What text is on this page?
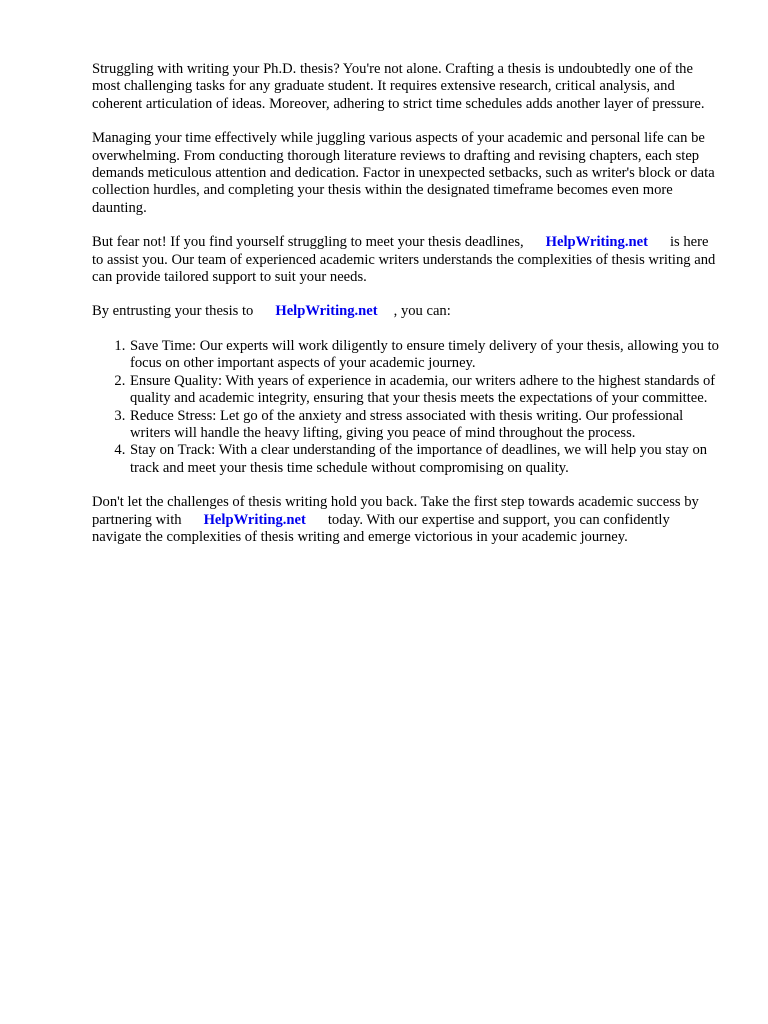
Struggling with writing your Ph.D. thesis? You're not alone. Crafting a thesis is undoubtedly one of the most challenging tasks for any graduate student. It requires extensive research, critical analysis, and coherent articulation of ideas. Moreover, adhering to strict time schedules adds another layer of pressure.

Managing your time effectively while juggling various aspects of your academic and personal life can be overwhelming. From conducting thorough literature reviews to drafting and revising chapters, each step demands meticulous attention and dedication. Factor in unexpected setbacks, such as writer's block or data collection hurdles, and completing your thesis within the designated timeframe becomes even more daunting.

But fear not! If you find yourself struggling to meet your thesis deadlines, HelpWriting.net is here to assist you. Our team of experienced academic writers understands the complexities of thesis writing and can provide tailored support to suit your needs.

By entrusting your thesis to HelpWriting.net , you can:

1. Save Time: Our experts will work diligently to ensure timely delivery of your thesis, allowing you to focus on other important aspects of your academic journey.
2. Ensure Quality: With years of experience in academia, our writers adhere to the highest standards of quality and academic integrity, ensuring that your thesis meets the expectations of your committee.
3. Reduce Stress: Let go of the anxiety and stress associated with thesis writing. Our professional writers will handle the heavy lifting, giving you peace of mind throughout the process.
4. Stay on Track: With a clear understanding of the importance of deadlines, we will help you stay on track and meet your thesis time schedule without compromising on quality.

Don't let the challenges of thesis writing hold you back. Take the first step towards academic success by partnering with HelpWriting.net today. With our expertise and support, you can confidently navigate the complexities of thesis writing and emerge victorious in your academic journey.
